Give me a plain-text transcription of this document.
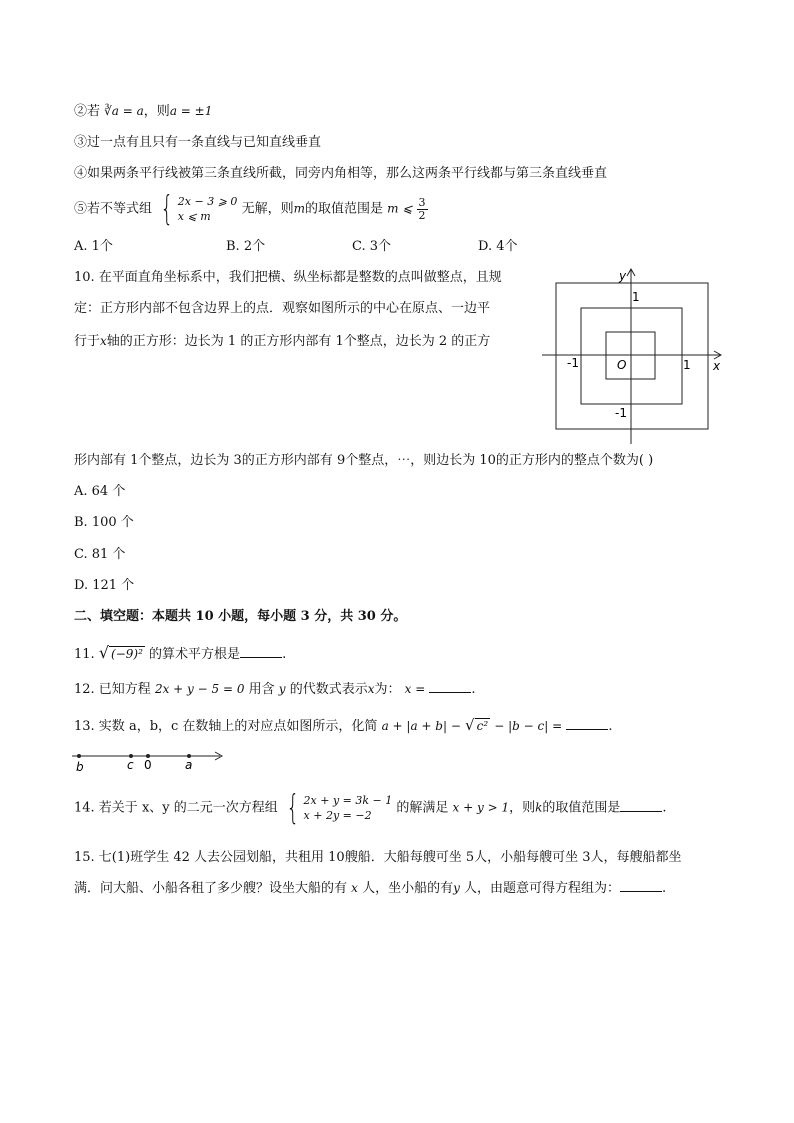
②若 ∛a = a，则a = ±1
③过一点有且只有一条直线与已知直线垂直
④如果两条平行线被第三条直线所截，同旁内角相等，那么这两条平行线都与第三条直线垂直
⑤若不等式组 { 2x − 3 ⩾ 0
x ⩽ m	无解，则m的取值范围是 m ⩽ $\frac{3}{2}$
A. 1个	B. 2个	C. 3个	D. 4个
10. 在平面直角坐标系中，我们把横、纵坐标都是整数的点叫做整点，且规
定：正方形内部不包含边界上的点．观察如图所示的中心在原点、一边平
行于x轴的正方形：边长为 1 的正方形内部有 1个整点，边长为 2 的正方
y
x
1
1
-1
-1
O
形内部有 1个整点，边长为 3的正方形内部有 9个整点，⋯，则边长为 10的正方形内的整点个数为( )
A. 64 个
B. 100 个
C. 81 个
D. 121 个
二、填空题：本题共 10 小题，每小题 3 分，共 30 分。
11. √ (−9)² 的算术平方根是	.
12. 已知方程 2x + y − 5 = 0 用含 y 的代数式表示x为： x =	.
13. 实数 a，b，c 在数轴上的对应点如图所示，化简 a + |a + b| − √ c² − |b − c| =	.
b	c 0	a
14. 若关于 x、y 的二元一次方程组 { 2x + y = 3k − 1
x + 2y = −2	的解满足 x + y > 1，则k的取值范围是	.
15. 七(1)班学生 42 人去公园划船，共租用 10艘船．大船每艘可坐 5人，小船每艘可坐 3人，每艘船都坐
满．问大船、小船各租了多少艘？设坐大船的有 x 人，坐小船的有y 人，由题意可得方程组为：	.
